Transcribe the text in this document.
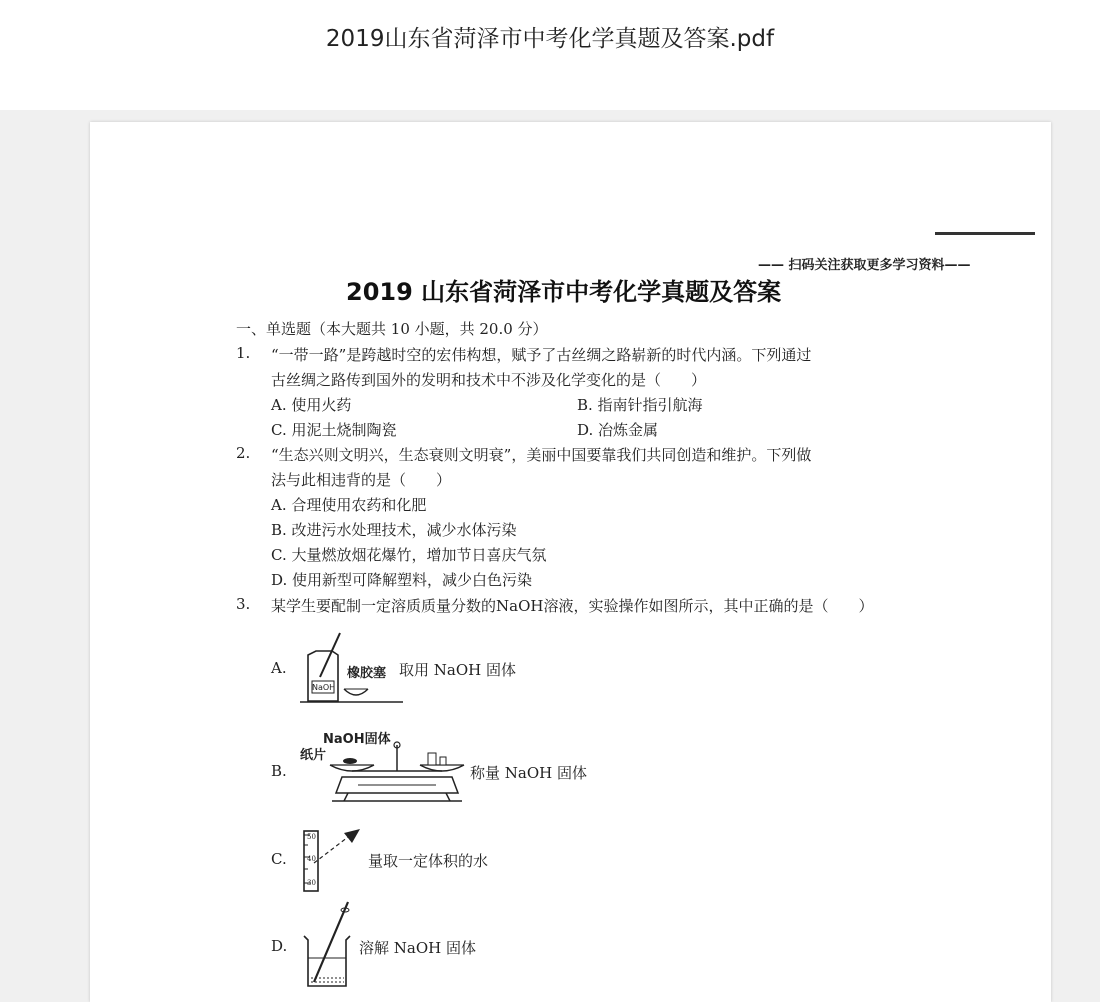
2019山东省菏泽市中考化学真题及答案.pdf
—— 扫码关注获取更多学习资料——
2019 山东省菏泽市中考化学真题及答案
一、单选题（本大题共 10 小题，共 20.0 分）
1. “一带一路”是跨越时空的宏伟构想，赋予了古丝绸之路崭新的时代内涵。下列通过
古丝绸之路传到国外的发明和技术中不涉及化学变化的是（　　）
A. 使用火药	B. 指南针指引航海
C. 用泥土烧制陶瓷	D. 冶炼金属
2. “生态兴则文明兴，生态衰则文明衰”，美丽中国要靠我们共同创造和维护。下列做
法与此相违背的是（　　）
A. 合理使用农药和化肥
B. 改进污水处理技术，减少水体污染
C. 大量燃放烟花爆竹，增加节日喜庆气氛
D. 使用新型可降解塑料，减少白色污染
3. 某学生要配制一定溶质质量分数的NaOH溶液，实验操作如图所示，其中正确的是（　　）
A.
NaOH
橡胶塞 取用 NaOH 固体
B.
NaOH固体
纸片
称量 NaOH 固体
C.
50
40
30
量取一定体积的水
D.	溶解 NaOH 固体
